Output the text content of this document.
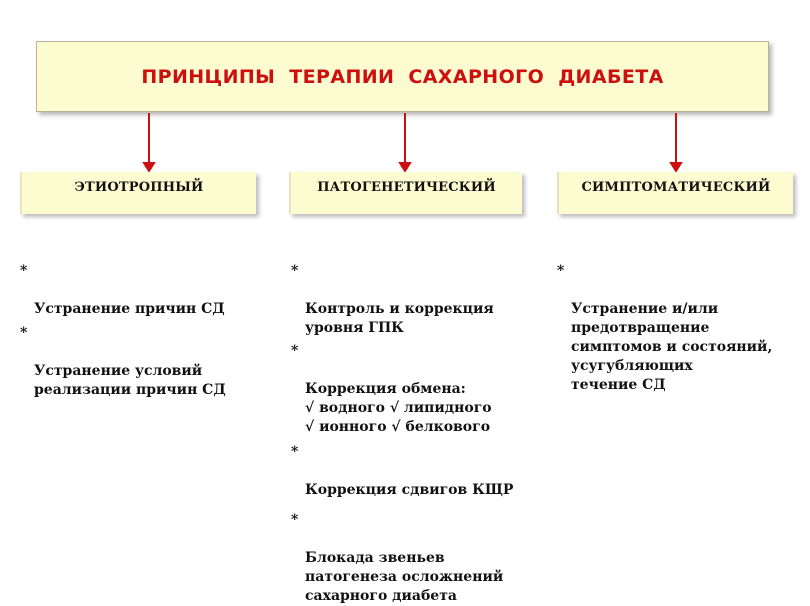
ПРИНЦИПЫ ТЕРАПИИ САХАРНОГО ДИАБЕТА
ЭТИОТРОПНЫЙ	ПАТОГЕНЕТИЧЕСКИЙ	СИМПТОМАТИЧЕСКИЙ

*

Устранение причин СД

*

Устранение условий
реализации причин СД

*

Контроль и коррекция
уровня ГПК

*

Коррекция обмена:
√ водного √ липидного
√ ионного √ белкового

*

Коррекция сдвигов КЩР

*

Блокада звеньев
патогенеза осложнений
сахарного диабета

*

Устранение и/или
предотвращение
симптомов и состояний,
усугубляющих
течение СД
